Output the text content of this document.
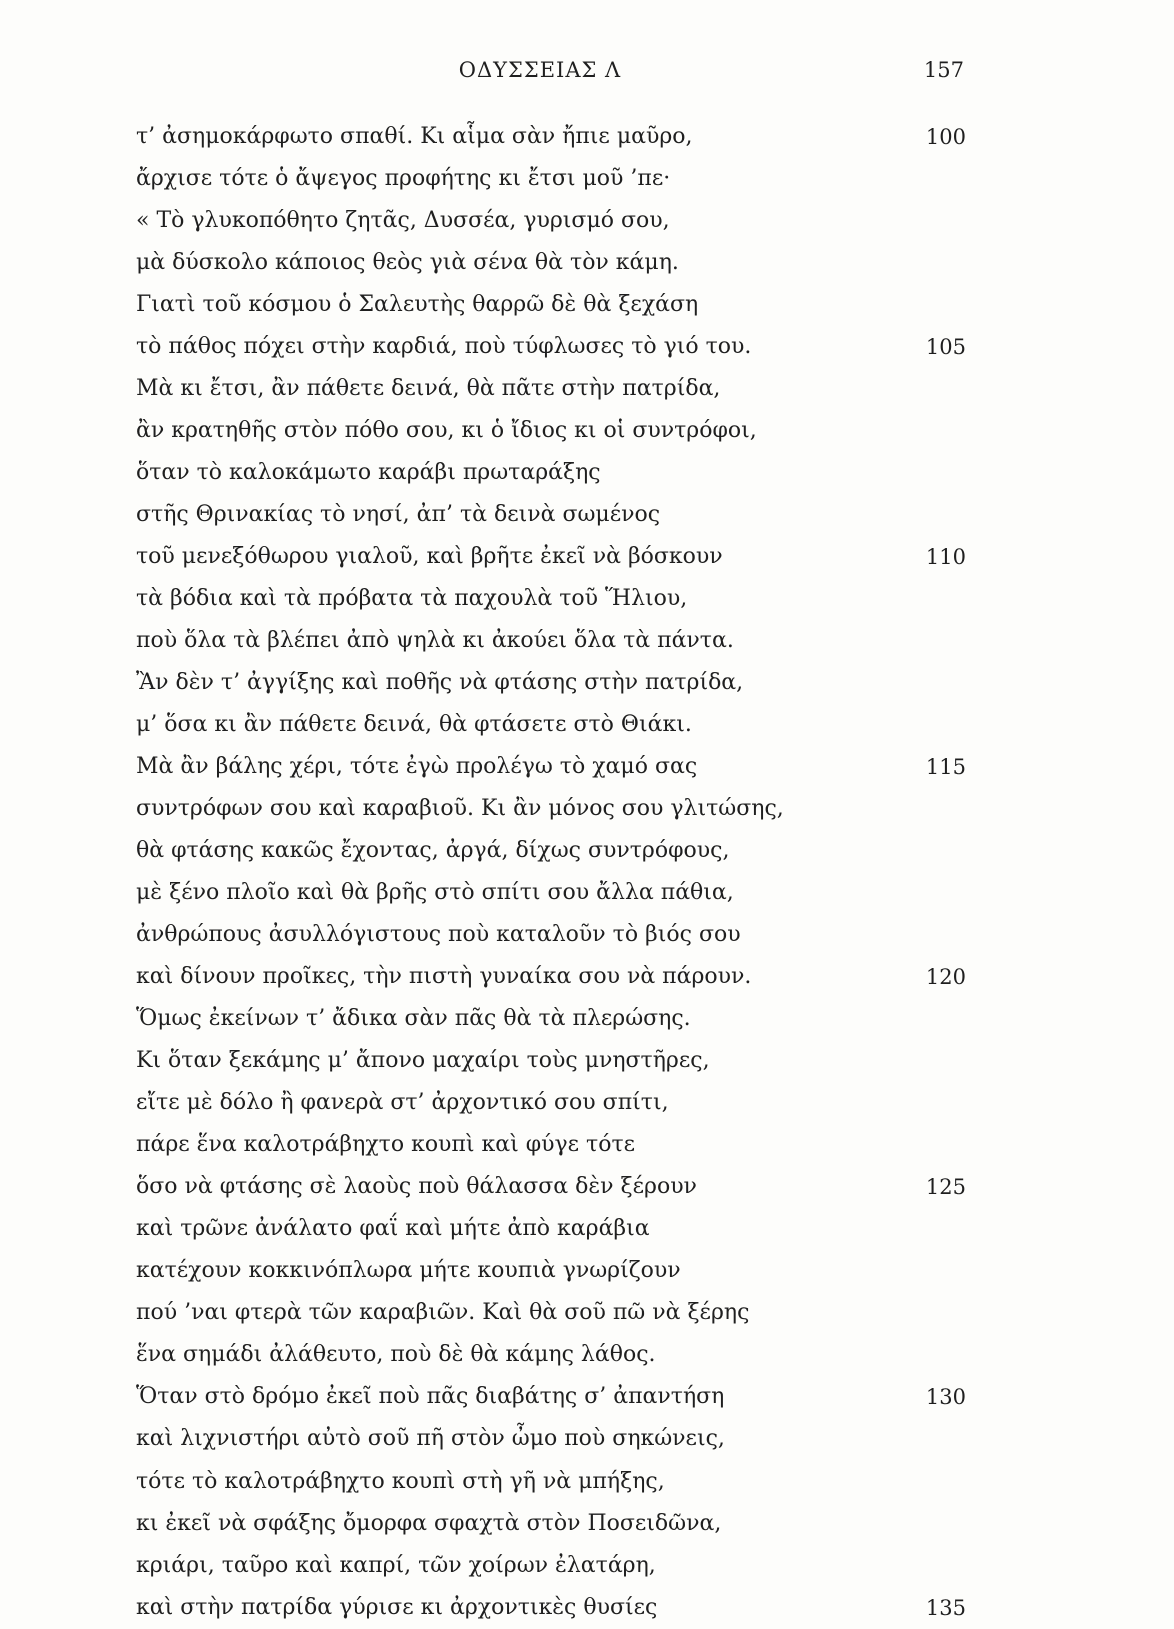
ΟΔΥΣΣΕΙΑΣ Λ	157
τ’ ἀσημοκάρφωτο σπαθί. Κι αἷμα σὰν ἤπιε μαῦρο,	100
ἄρχισε τότε ὁ ἄψεγος προφήτης κι ἔτσι μοῦ ’πε·
« Τὸ γλυκοπόθητο ζητᾶς, Δυσσέα, γυρισμό σου,
μὰ δύσκολο κάποιος θεὸς γιὰ σένα θὰ τὸν κάμη.
Γιατὶ τοῦ κόσμου ὁ Σαλευτὴς θαρρῶ δὲ θὰ ξεχάση
τὸ πάθος πόχει στὴν καρδιά, ποὺ τύφλωσες τὸ γιό του.	105
Μὰ κι ἔτσι, ἂν πάθετε δεινά, θὰ πᾶτε στὴν πατρίδα,
ἂν κρατηθῆς στὸν πόθο σου, κι ὁ ἴδιος κι οἱ συντρόφοι,
ὅταν τὸ καλοκάμωτο καράβι πρωταράξης
στῆς Θρινακίας τὸ νησί, ἀπ’ τὰ δεινὰ σωμένος
τοῦ μενεξόθωρου γιαλοῦ, καὶ βρῆτε ἐκεῖ νὰ βόσκουν	110
τὰ βόδια καὶ τὰ πρόβατα τὰ παχουλὰ τοῦ Ἥλιου,
ποὺ ὅλα τὰ βλέπει ἀπὸ ψηλὰ κι ἀκούει ὅλα τὰ πάντα.
Ἂν δὲν τ’ ἀγγίξης καὶ ποθῆς νὰ φτάσης στὴν πατρίδα,
μ’ ὅσα κι ἂν πάθετε δεινά, θὰ φτάσετε στὸ Θιάκι.
Μὰ ἂν βάλης χέρι, τότε ἐγὼ προλέγω τὸ χαμό σας	115
συντρόφων σου καὶ καραβιοῦ. Κι ἂν μόνος σου γλιτώσης,
θὰ φτάσης κακῶς ἔχοντας, ἀργά, δίχως συντρόφους,
μὲ ξένο πλοῖο καὶ θὰ βρῆς στὸ σπίτι σου ἄλλα πάθια,
ἀνθρώπους ἀσυλλόγιστους ποὺ καταλοῦν τὸ βιός σου
καὶ δίνουν προῖκες, τὴν πιστὴ γυναίκα σου νὰ πάρουν.	120
Ὅμως ἐκείνων τ’ ἄδικα σὰν πᾶς θὰ τὰ πλερώσης.
Κι ὅταν ξεκάμης μ’ ἄπονο μαχαίρι τοὺς μνηστῆρες,
εἴτε μὲ δόλο ἢ φανερὰ στ’ ἀρχοντικό σου σπίτι,
πάρε ἕνα καλοτράβηχτο κουπὶ καὶ φύγε τότε
ὅσο νὰ φτάσης σὲ λαοὺς ποὺ θάλασσα δὲν ξέρουν	125
καὶ τρῶνε ἀνάλατο φαΐ καὶ μήτε ἀπὸ καράβια
κατέχουν κοκκινόπλωρα μήτε κουπιὰ γνωρίζουν
πού ’ναι φτερὰ τῶν καραβιῶν. Καὶ θὰ σοῦ πῶ νὰ ξέρης
ἕνα σημάδι ἀλάθευτο, ποὺ δὲ θὰ κάμης λάθος.
Ὅταν στὸ δρόμο ἐκεῖ ποὺ πᾶς διαβάτης σ’ ἀπαντήση	130
καὶ λιχνιστήρι αὐτὸ σοῦ πῆ στὸν ὦμο ποὺ σηκώνεις,
τότε τὸ καλοτράβηχτο κουπὶ στὴ γῆ νὰ μπήξης,
κι ἐκεῖ νὰ σφάξης ὄμορφα σφαχτὰ στὸν Ποσειδῶνα,
κριάρι, ταῦρο καὶ καπρί, τῶν χοίρων ἐλατάρη,
καὶ στὴν πατρίδα γύρισε κι ἀρχοντικὲς θυσίες	135
